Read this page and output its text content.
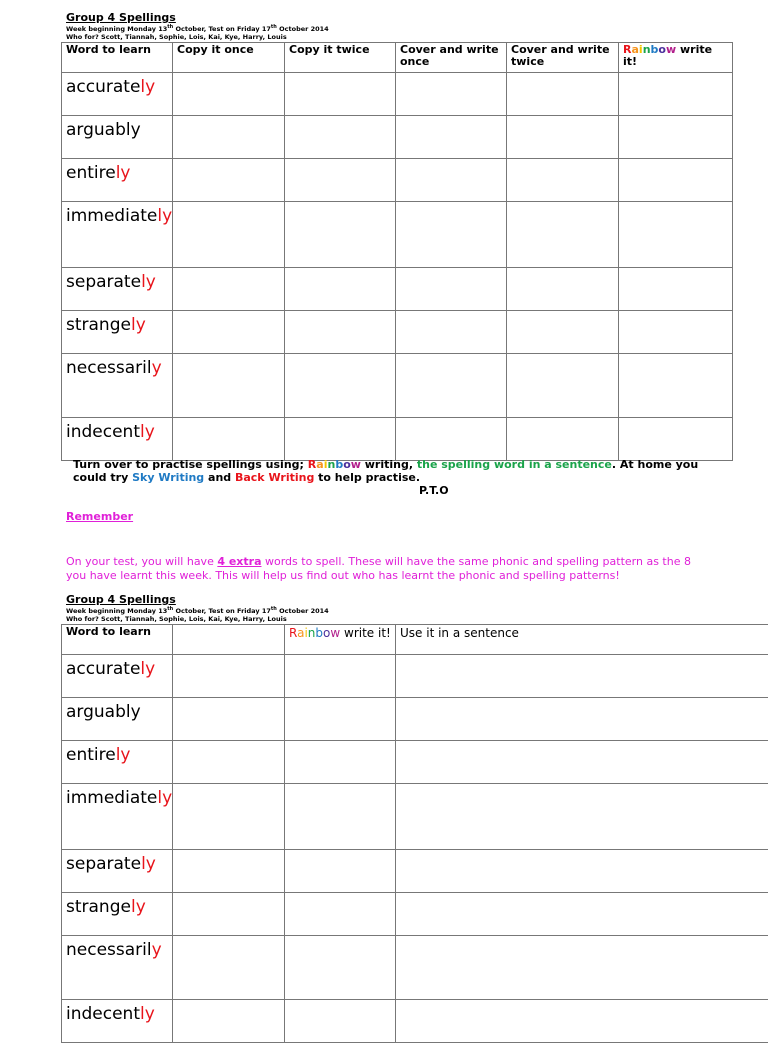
Group 4 Spellings
Week beginning Monday 13th October, Test on Friday 17th October 2014
Who for? Scott, Tiannah, Sophie, Lois, Kai, Kye, Harry, Louis
Word to learn	Copy it once	Copy it twice	Cover and write once	Cover and write twice	Rainbow write it!
accurately					
arguably					
entirely					
immediately					
separately					
strangely					
necessarily					
indecently					
Turn over to practise spellings using; Rainbow writing, the spelling word in a sentence. At home you
could try Sky Writing and Back Writing to help practise.
P.T.O
Remember
On your test, you will have 4 extra words to spell. These will have the same phonic and spelling pattern as the 8
you have learnt this week. This will help us find out who has learnt the phonic and spelling patterns!
Group 4 Spellings
Week beginning Monday 13th October, Test on Friday 17th October 2014
Who for? Scott, Tiannah, Sophie, Lois, Kai, Kye, Harry, Louis
Word to learn		Rainbow write it!	Use it in a sentence
accurately			
arguably			
entirely			
immediately			
separately			
strangely			
necessarily			
indecently			
